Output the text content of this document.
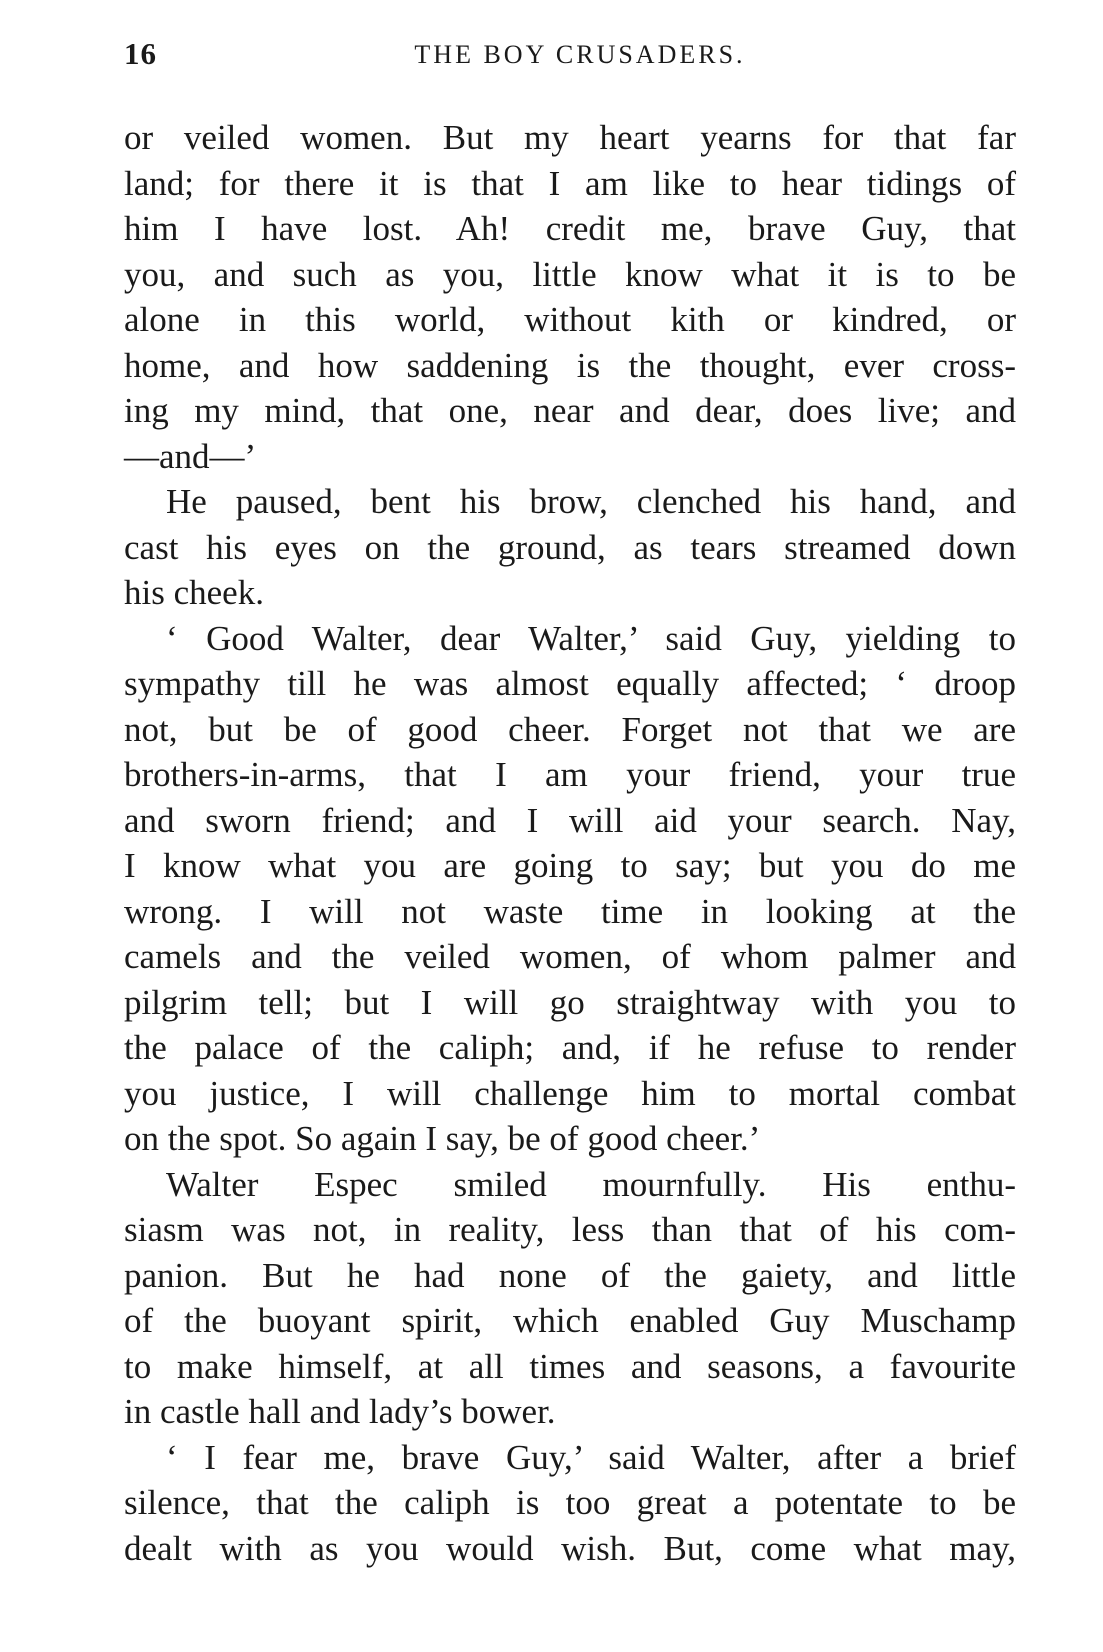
16	THE BOY CRUSADERS.
or veiled women. But my heart yearns for that far
land; for there it is that I am like to hear tidings of
him I have lost. Ah! credit me, brave Guy, that
you, and such as you, little know what it is to be
alone in this world, without kith or kindred, or
home, and how saddening is the thought, ever cross-
ing my mind, that one, near and dear, does live; and
—and—’
He paused, bent his brow, clenched his hand, and
cast his eyes on the ground, as tears streamed down
his cheek.
‘ Good Walter, dear Walter,’ said Guy, yielding to
sympathy till he was almost equally affected; ‘ droop
not, but be of good cheer. Forget not that we are
brothers-in-arms, that I am your friend, your true
and sworn friend; and I will aid your search. Nay,
I know what you are going to say; but you do me
wrong. I will not waste time in looking at the
camels and the veiled women, of whom palmer and
pilgrim tell; but I will go straightway with you to
the palace of the caliph; and, if he refuse to render
you justice, I will challenge him to mortal combat
on the spot. So again I say, be of good cheer.’
Walter Espec smiled mournfully. His enthu-
siasm was not, in reality, less than that of his com-
panion. But he had none of the gaiety, and little
of the buoyant spirit, which enabled Guy Muschamp
to make himself, at all times and seasons, a favourite
in castle hall and lady’s bower.
‘ I fear me, brave Guy,’ said Walter, after a brief
silence, that the caliph is too great a potentate to be
dealt with as you would wish. But, come what may,
